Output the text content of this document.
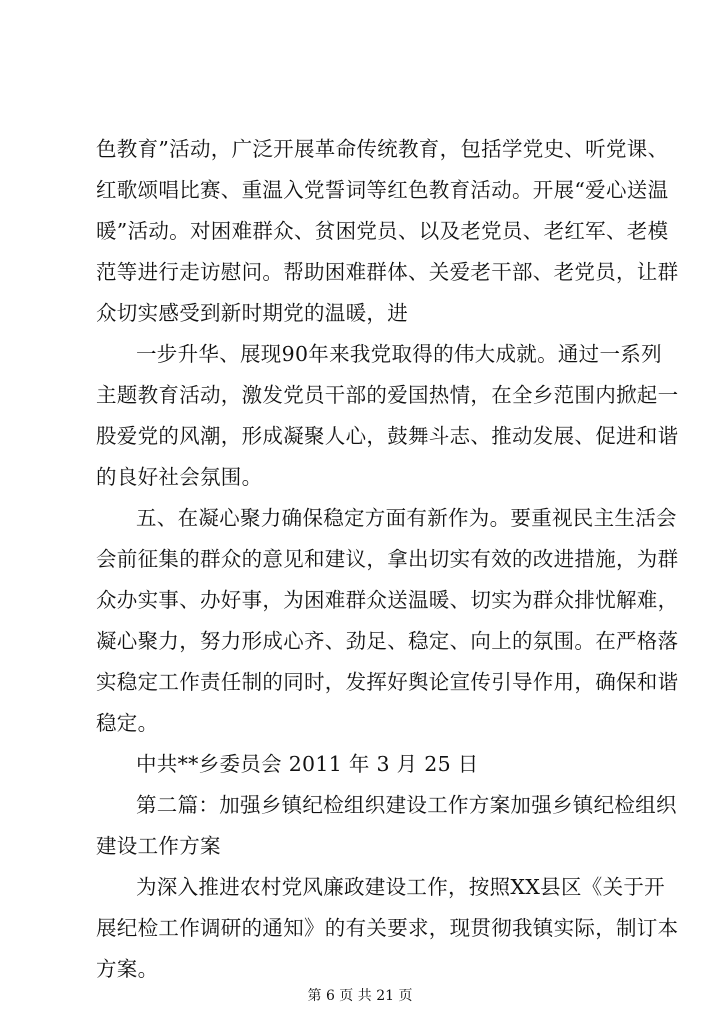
色教育”活动，广泛开展革命传统教育，包括学党史、听党课、
红歌颂唱比赛、重温入党誓词等红色教育活动。开展“爱心送温
暖”活动。对困难群众、贫困党员、以及老党员、老红军、老模
范等进行走访慰问。帮助困难群体、关爱老干部、老党员，让群
众切实感受到新时期党的温暖，进
一步升华、展现90年来我党取得的伟大成就。通过一系列
主题教育活动，激发党员干部的爱国热情，在全乡范围内掀起一
股爱党的风潮，形成凝聚人心，鼓舞斗志、推动发展、促进和谐
的良好社会氛围。
五、在凝心聚力确保稳定方面有新作为。要重视民主生活会
会前征集的群众的意见和建议，拿出切实有效的改进措施，为群
众办实事、办好事，为困难群众送温暖、切实为群众排忧解难，
凝心聚力，努力形成心齐、劲足、稳定、向上的氛围。在严格落
实稳定工作责任制的同时，发挥好舆论宣传引导作用，确保和谐
稳定。
中共**乡委员会 2011 年 3 月 25 日
第二篇：加强乡镇纪检组织建设工作方案加强乡镇纪检组织
建设工作方案
为深入推进农村党风廉政建设工作，按照XX县区《关于开
展纪检工作调研的通知》的有关要求，现贯彻我镇实际，制订本
方案。
第 6 页 共 21 页
